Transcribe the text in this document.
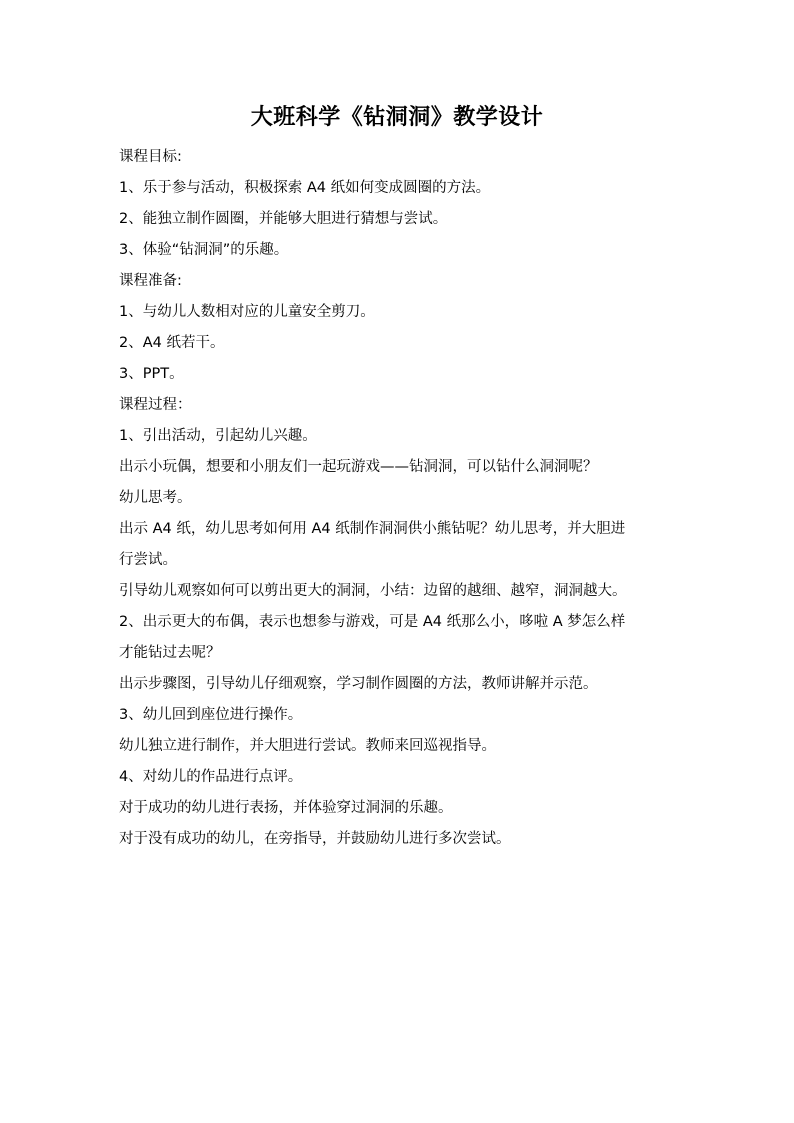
大班科学《钻洞洞》教学设计

课程目标:

1、乐于参与活动，积极探索 A4 纸如何变成圆圈的方法。

2、能独立制作圆圈，并能够大胆进行猜想与尝试。

3、体验“钻洞洞”的乐趣。

课程准备:

1、与幼儿人数相对应的儿童安全剪刀。

2、A4 纸若干。

3、PPT。

课程过程：

1、引出活动，引起幼儿兴趣。

出示小玩偶，想要和小朋友们一起玩游戏——钻洞洞，可以钻什么洞洞呢？

幼儿思考。

出示 A4 纸，幼儿思考如何用 A4 纸制作洞洞供小熊钻呢？幼儿思考，并大胆进

行尝试。

引导幼儿观察如何可以剪出更大的洞洞，小结：边留的越细、越窄，洞洞越大。

2、出示更大的布偶，表示也想参与游戏，可是 A4 纸那么小，哆啦 A 梦怎么样

才能钻过去呢？

出示步骤图，引导幼儿仔细观察，学习制作圆圈的方法，教师讲解并示范。

3、幼儿回到座位进行操作。

幼儿独立进行制作，并大胆进行尝试。教师来回巡视指导。

4、对幼儿的作品进行点评。

对于成功的幼儿进行表扬，并体验穿过洞洞的乐趣。

对于没有成功的幼儿，在旁指导，并鼓励幼儿进行多次尝试。
